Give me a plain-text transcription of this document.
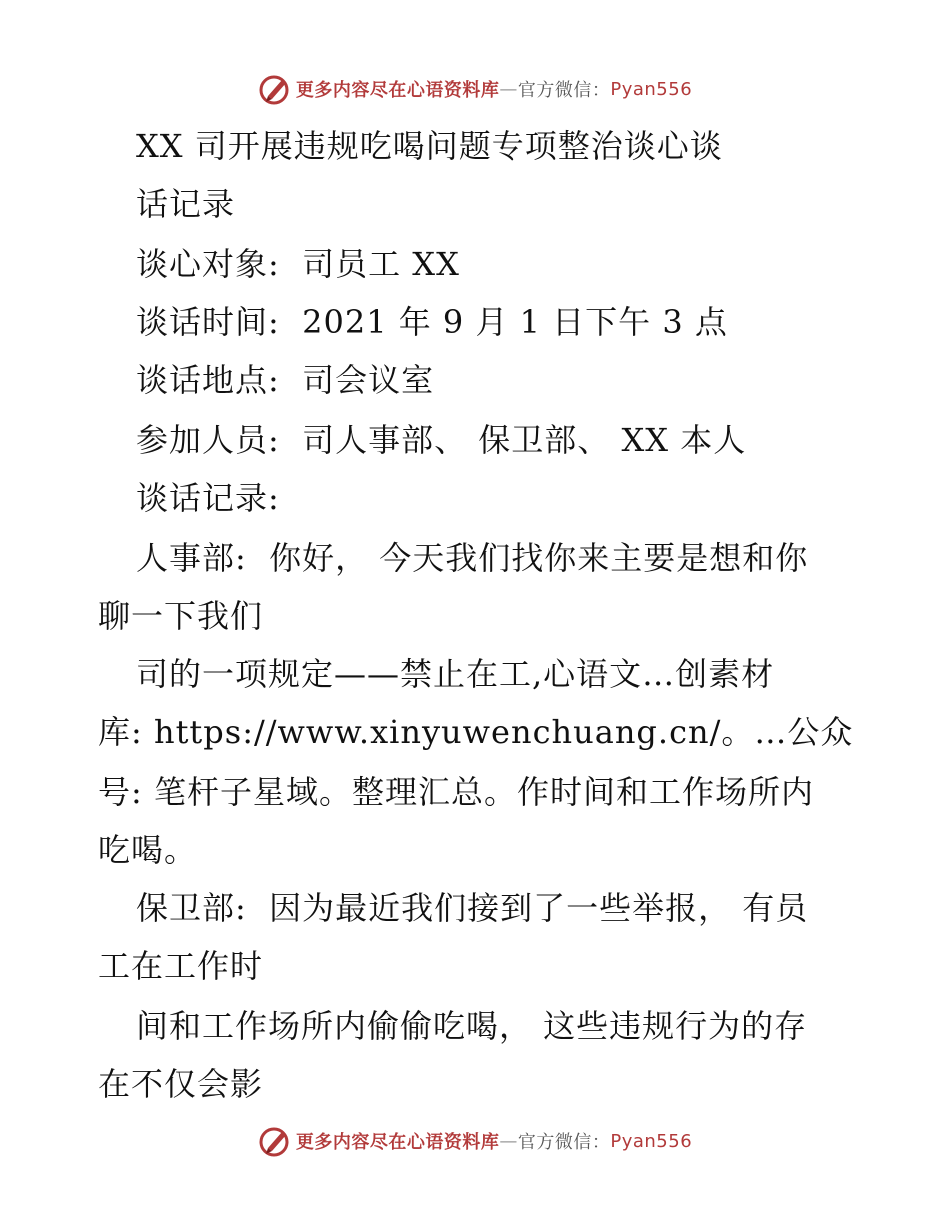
更多内容尽在心语资料库 — 官方微信： Pyan556
XX 司开展违规吃喝问题专项整治谈心谈
话记录
谈心对象:  司员工 XX
谈话时间:  2021 年 9 月 1 日下午 3 点
谈话地点:  司会议室
参加人员:  司人事部、 保卫部、 XX 本人
谈话记录:
人事部:  你好， 今天我们找你来主要是想和你
聊一下我们
司的一项规定——禁止在工,心语文…创素材
库: https://www.xinyuwenchuang.cn/。…公众
号: 笔杆子星域。整理汇总。作时间和工作场所内
吃喝。
保卫部:  因为最近我们接到了一些举报， 有员
工在工作时
间和工作场所内偷偷吃喝， 这些违规行为的存
在不仅会影
更多内容尽在心语资料库 — 官方微信： Pyan556
